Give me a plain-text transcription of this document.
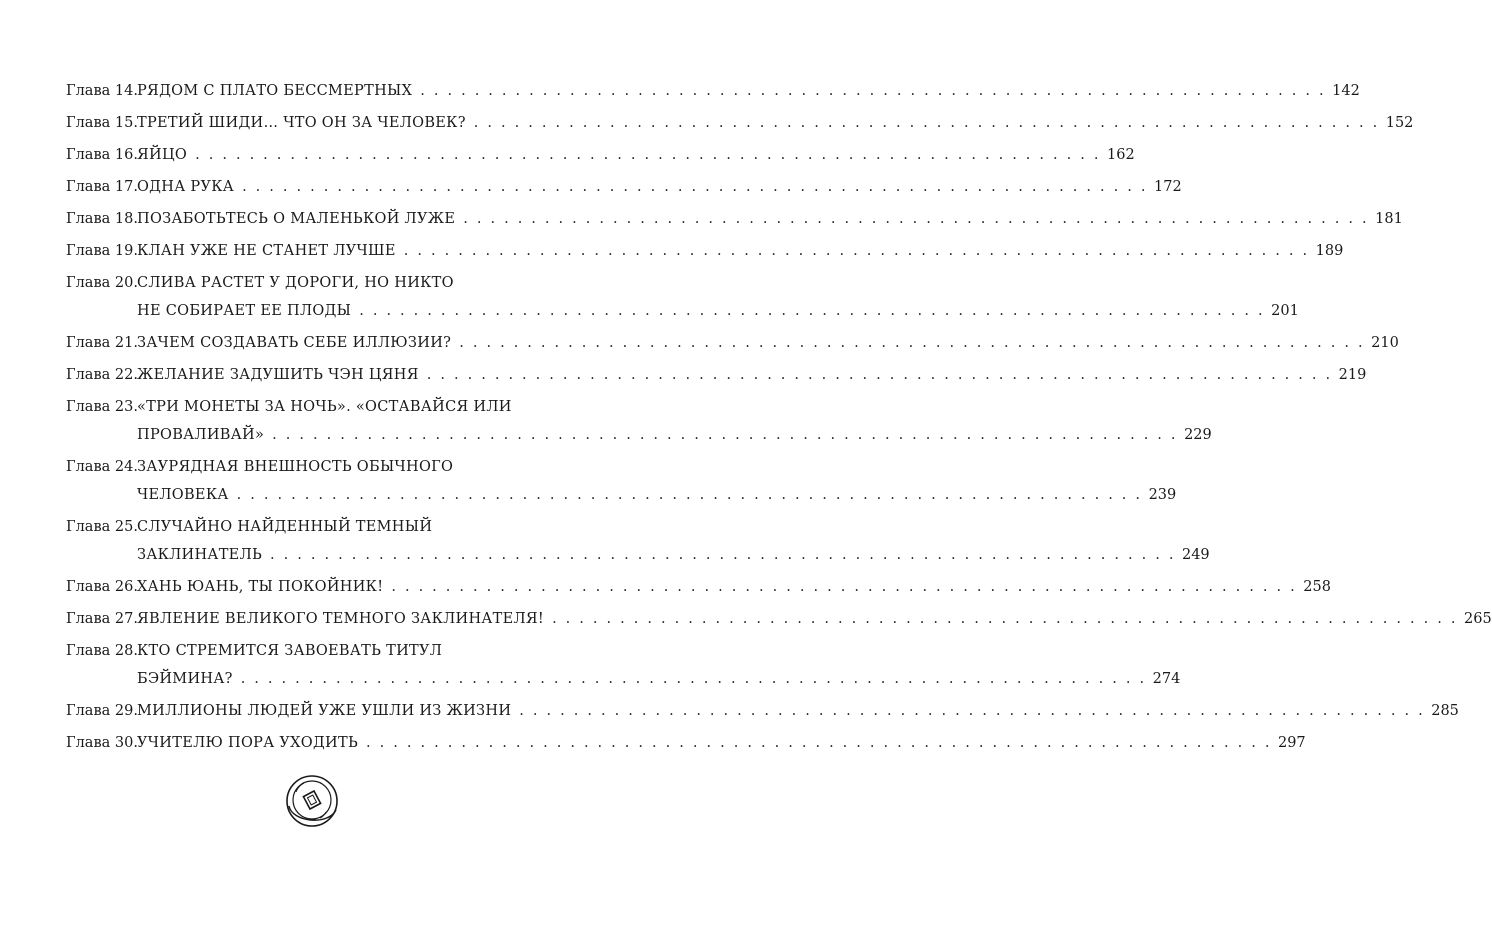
Глава 14. РЯДОМ С ПЛАТО БЕССМЕРТНЫХ . . .	142
Глава 15. ТРЕТИЙ ШИДИ… ЧТО ОН ЗА ЧЕЛОВЕК? . . .	152
Глава 16. ЯЙЦО . . .	162
Глава 17. ОДНА РУКА . . .	172
Глава 18. ПОЗАБОТЬТЕСЬ О МАЛЕНЬКОЙ ЛУЖЕ . . .	181
Глава 19. КЛАН УЖЕ НЕ СТАНЕТ ЛУЧШЕ . . .	189
Глава 20. СЛИВА РАСТЕТ У ДОРОГИ, НО НИКТО
НЕ СОБИРАЕТ ЕЕ ПЛОДЫ . . .	201
Глава 21. ЗАЧЕМ СОЗДАВАТЬ СЕБЕ ИЛЛЮЗИИ? . . .	210
Глава 22. ЖЕЛАНИЕ ЗАДУШИТЬ ЧЭН ЦЯНЯ . . .	219
Глава 23. «ТРИ МОНЕТЫ ЗА НОЧЬ». «ОСТАВАЙСЯ ИЛИ
ПРОВАЛИВАЙ» . . .	229
Глава 24. ЗАУРЯДНАЯ ВНЕШНОСТЬ ОБЫЧНОГО
ЧЕЛОВЕКА . . .	239
Глава 25. СЛУЧАЙНО НАЙДЕННЫЙ ТЕМНЫЙ
ЗАКЛИНАТЕЛЬ . . .	249
Глава 26. ХАНЬ ЮАНЬ, ТЫ ПОКОЙНИК! . . .	258
Глава 27. ЯВЛЕНИЕ ВЕЛИКОГО ТЕМНОГО ЗАКЛИНАТЕЛЯ! . . .	265
Глава 28. КТО СТРЕМИТСЯ ЗАВОЕВАТЬ ТИТУЛ
БЭЙМИНА? . . .	274
Глава 29. МИЛЛИОНЫ ЛЮДЕЙ УЖЕ УШЛИ ИЗ ЖИЗНИ . . .	285
Глава 30. УЧИТЕЛЮ ПОРА УХОДИТЬ . . .	297
